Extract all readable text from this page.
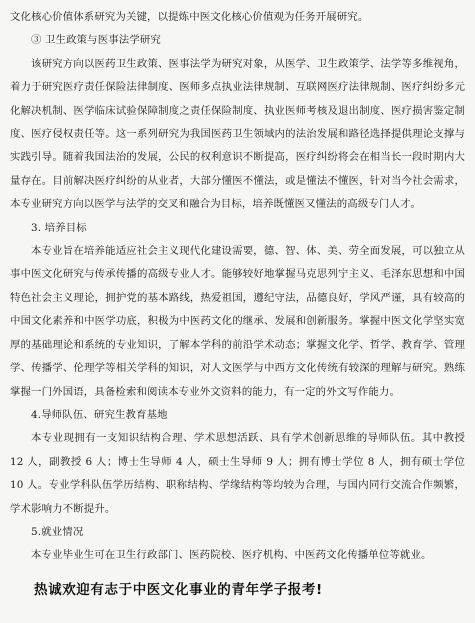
文化核心价值体系研究为关键，以提炼中医文化核心价值观为任务开展研究。

③ 卫生政策与医事法学研究

该研究方向以医药卫生政策、医事法学为研究对象，从医学、卫生政策学、法学等多维视角，着力于研究医疗责任保险法律制度、医师多点执业法律规制、互联网医疗法律规制、医疗纠纷多元化解决机制、医学临床试验保障制度之责任保险制度、执业医师考核及退出制度、医疗损害鉴定制度、医疗侵权责任等。这一系列研究为我国医药卫生领域内的法治发展和路径选择提供理论支撑与实践引导。随着我国法治的发展，公民的权利意识不断提高，医疗纠纷将会在相当长一段时期内大量存在。目前解决医疗纠纷的从业者，大部分懂医不懂法，或是懂法不懂医，针对当今社会需求，本专业研究方向以医学与法学的交叉和融合为目标，培养既懂医又懂法的高级专门人才。

3. 培养目标

本专业旨在培养能适应社会主义现代化建设需要，德、智、体、美、劳全面发展，可以独立从事中医文化研究与传承传播的高级专业人才。能够较好地掌握马克思列宁主义、毛泽东思想和中国特色社会主义理论，拥护党的基本路线，热爱祖国，遵纪守法，品德良好，学风严谨，具有较高的中国文化素养和中医学功底，积极为中医药文化的继承、发展和创新服务。掌握中医文化学坚实宽厚的基础理论和系统的专业知识，了解本学科的前沿学术动态；掌握文化学、哲学、教育学、管理学、传播学、伦理学等相关学科的知识，对人文医学与中西方文化传统有较深的理解与研究。熟练掌握一门外国语，具备检索和阅读本专业外文资料的能力，有一定的外文写作能力。

4.导师队伍、研究生教育基地

本专业现拥有一支知识结构合理、学术思想活跃、具有学术创新思维的导师队伍。其中教授 12 人，副教授 6 人；博士生导师 4 人，硕士生导师 9 人；拥有博士学位 8 人，拥有硕士学位 10 人。专业学科队伍学历结构、职称结构、学缘结构等均较为合理，与国内同行交流合作频繁，学术影响力不断提升。

5.就业情况

本专业毕业生可在卫生行政部门、医药院校、医疗机构、中医药文化传播单位等就业。

热诚欢迎有志于中医文化事业的青年学子报考!
